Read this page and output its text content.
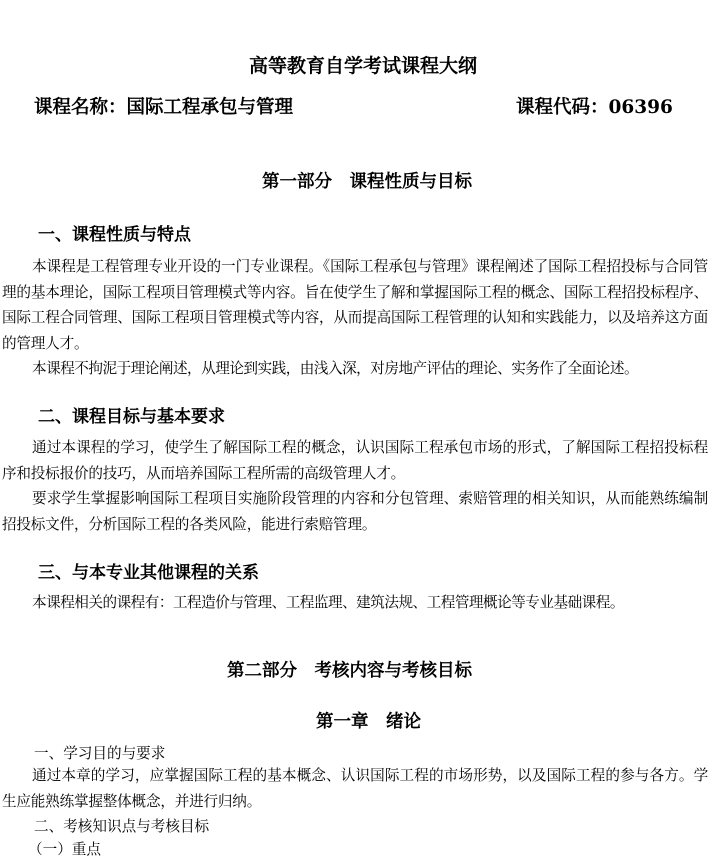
高等教育自学考试课程大纲
课程名称：国际工程承包与管理	课程代码：06396
第一部分　课程性质与目标
一、课程性质与特点

本课程是工程管理专业开设的一门专业课程。《国际工程承包与管理》课程阐述了国际工程招投标与合同管理的基本理论，国际工程项目管理模式等内容。旨在使学生了解和掌握国际工程的概念、国际工程招投标程序、国际工程合同管理、国际工程项目管理模式等内容，从而提高国际工程管理的认知和实践能力，以及培养这方面的管理人才。

本课程不拘泥于理论阐述，从理论到实践，由浅入深，对房地产评估的理论、实务作了全面论述。

二、课程目标与基本要求

通过本课程的学习，使学生了解国际工程的概念，认识国际工程承包市场的形式，了解国际工程招投标程序和投标报价的技巧，从而培养国际工程所需的高级管理人才。

要求学生掌握影响国际工程项目实施阶段管理的内容和分包管理、索赔管理的相关知识，从而能熟练编制招投标文件，分析国际工程的各类风险，能进行索赔管理。

三、与本专业其他课程的关系

本课程相关的课程有：工程造价与管理、工程监理、建筑法规、工程管理概论等专业基础课程。

第二部分　考核内容与考核目标
第一章　绪论
一、学习目的与要求

通过本章的学习，应掌握国际工程的基本概念、认识国际工程的市场形势，以及国际工程的参与各方。学生应能熟练掌握整体概念，并进行归纳。

二、考核知识点与考核目标
（一）重点
